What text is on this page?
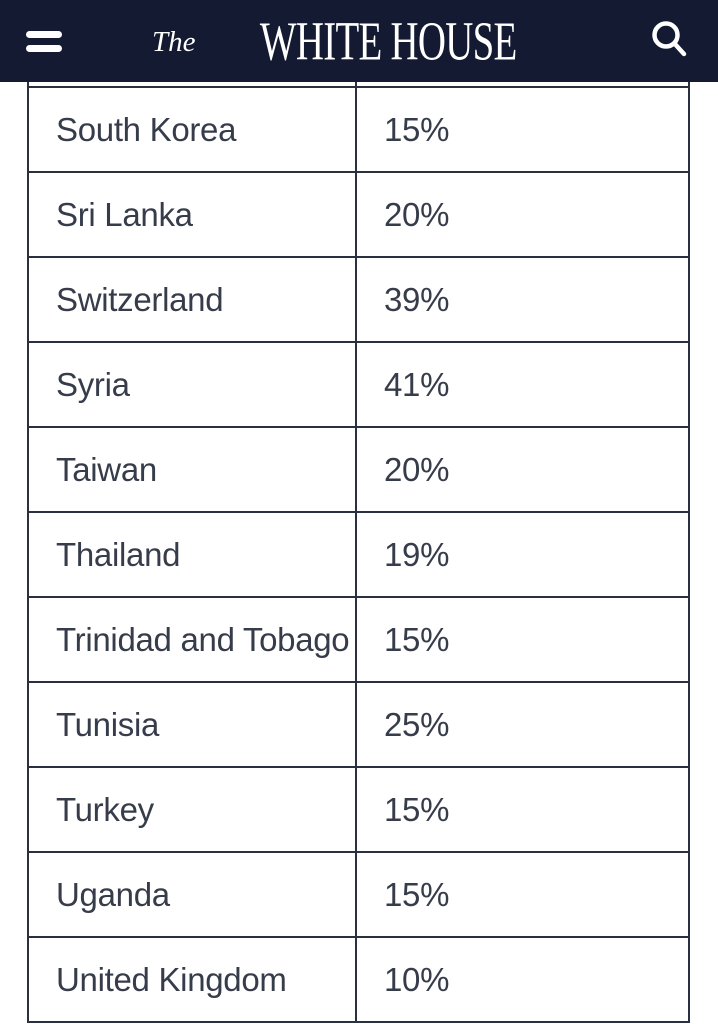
The WHITE HOUSE
South Korea	15%
Sri Lanka	20%
Switzerland	39%
Syria	41%
Taiwan	20%
Thailand	19%
Trinidad and Tobago	15%
Tunisia	25%
Turkey	15%
Uganda	15%
United Kingdom	10%
